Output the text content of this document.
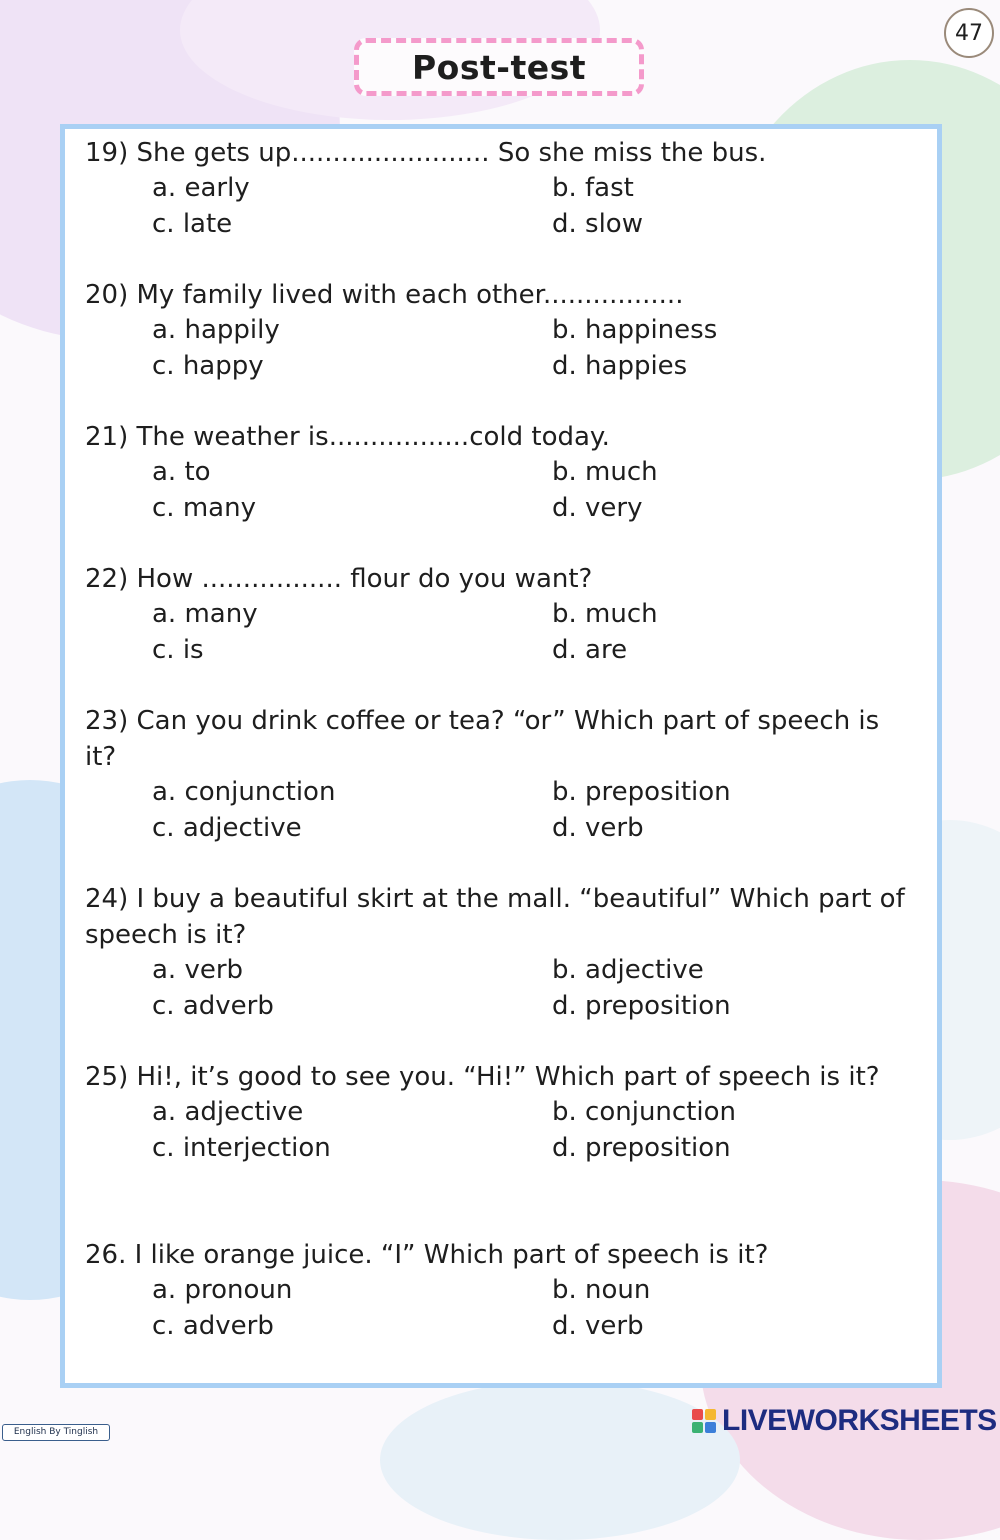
Post-test
47
19) She gets up........................ So she miss the bus.
a. early	b. fast
c. late	d. slow
20) My family lived with each other.................
a. happily	b. happiness
c. happy	d. happies
21) The weather is.................cold today.
a. to	b. much
c. many	d. very
22) How ................. flour do you want?
a. many	b. much
c. is	d. are
23) Can you drink coffee or tea? “or” Which part of speech is it?
a. conjunction	b. preposition
c. adjective	d. verb
24) I buy a beautiful skirt at the mall. “beautiful” Which part of speech is it?
a. verb	b. adjective
c. adverb	d. preposition
25) Hi!, it’s good to see you. “Hi!” Which part of speech is it?
a. adjective	b. conjunction
c. interjection	d. preposition
26. I like orange juice. “I” Which part of speech is it?
a. pronoun	b. noun
c. adverb	d. verb
English By Tinglish	LIVEWORKSHEETS
